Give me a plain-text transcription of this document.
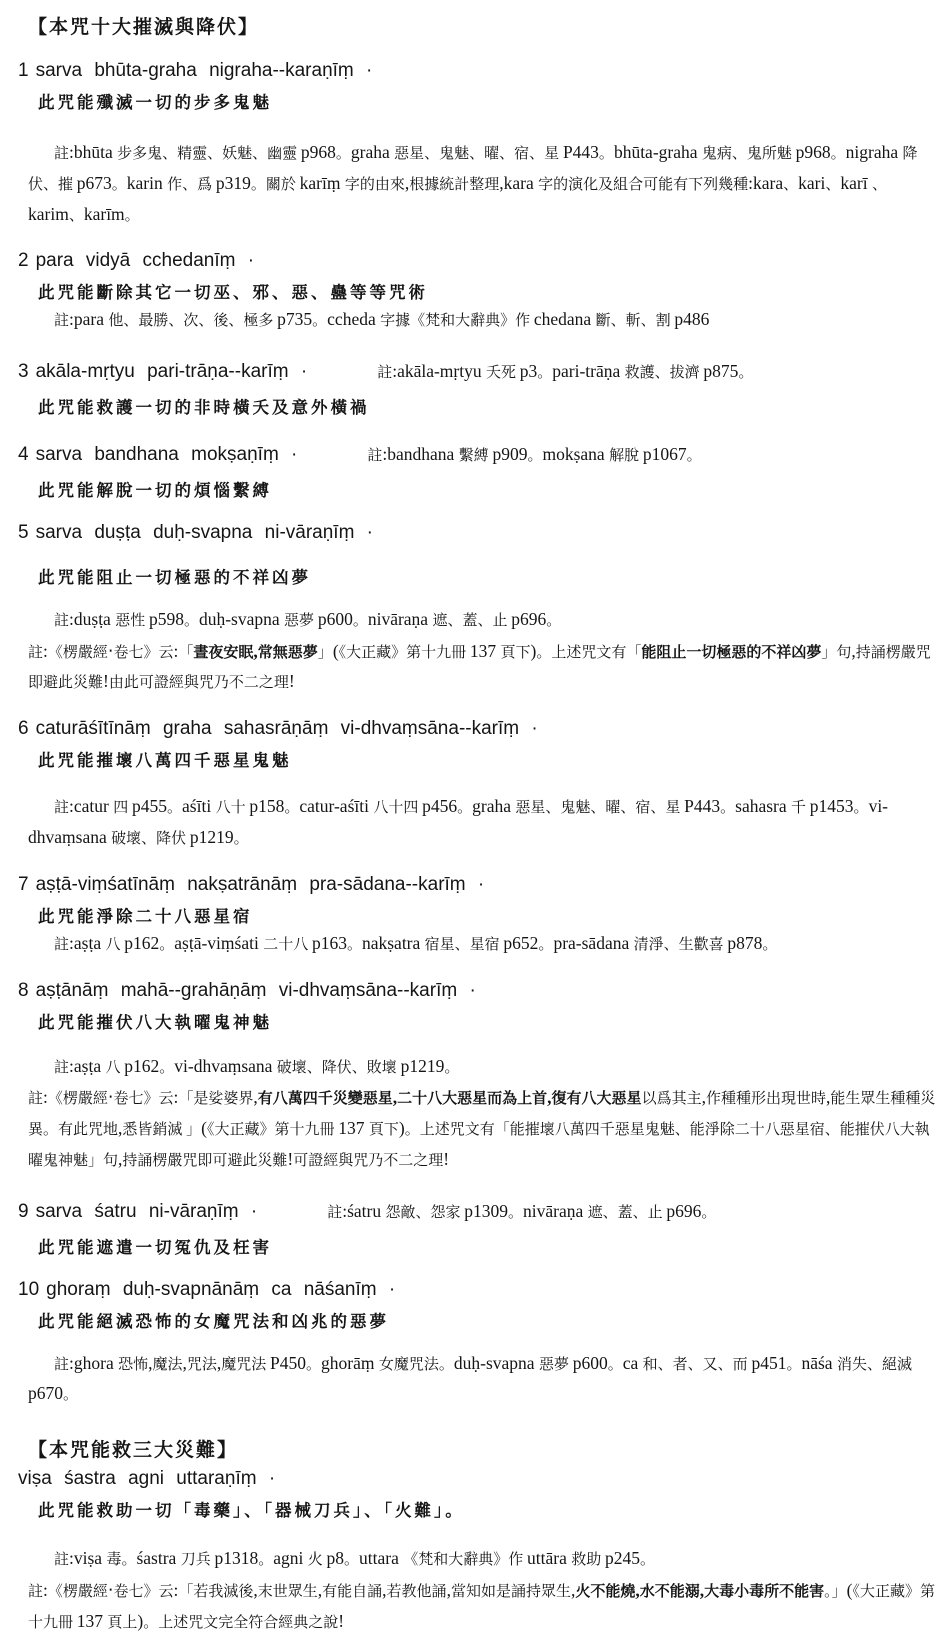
【本咒十大摧滅與降伏】
1 sarva bhūta-graha nigraha--karaṇīṃ ·
此咒能殲滅一切的步多鬼魅

註:bhūta 步多鬼、精靈、妖魅、幽靈 p968。graha 惡星、鬼魅、曜、宿、星 P443。bhūta-graha 鬼病、鬼所魅 p968。nigraha 降伏、摧 p673。karin 作、爲 p319。關於 karīṃ 字的由來,根據統計整理,kara 字的演化及組合可能有下列幾種:kara、kari、karī 、karim、karīm。

2 para vidyā cchedanīṃ ·
此咒能斷除其它一切巫、邪、惡、蠱等等咒術

註:para 他、最勝、次、後、極多 p735。ccheda 字據《梵和大辭典》作 chedana 斷、斬、割 p486

3 akāla-mṛtyu pari-trāṇa--karīṃ ·	註:akāla-mṛtyu 夭死 p3。pari-trāṇa 救護、拔濟 p875。
此咒能救護一切的非時橫夭及意外橫禍
4 sarva bandhana mokṣaṇīṃ ·	註:bandhana 繫縛 p909。mokṣana 解脫 p1067。
此咒能解脫一切的煩惱繫縛
5 sarva duṣṭa duḥ-svapna ni-vāraṇīṃ ·
此咒能阻止一切極惡的不祥凶夢

註:duṣṭa 惡性 p598。duḥ-svapna 惡夢 p600。nivāraṇa 遮、蓋、止 p696。

註:《楞嚴經‧卷七》云:「晝夜安眠,常無惡夢」(《大正藏》第十九冊 137 頁下)。上述咒文有「能阻止一切極惡的不祥凶夢」句,持誦楞嚴咒即避此災難!由此可證經與咒乃不二之理!

6 caturāśītīnāṃ graha sahasrāṇāṃ vi-dhvaṃsāna--karīṃ ·
此咒能摧壞八萬四千惡星鬼魅

註:catur 四 p455。aśīti 八十 p158。catur-aśīti 八十四 p456。graha 惡星、鬼魅、曜、宿、星 P443。sahasra 千 p1453。vi-dhvaṃsana 破壞、降伏 p1219。

7 aṣṭā-viṃśatīnāṃ nakṣatrānāṃ pra-sādana--karīṃ ·
此咒能淨除二十八惡星宿

註:aṣṭa 八 p162。aṣṭā-viṃśati 二十八 p163。nakṣatra 宿星、星宿 p652。pra-sādana 清淨、生歡喜 p878。

8 aṣṭānāṃ mahā--grahāṇāṃ vi-dhvaṃsāna--karīṃ ·
此咒能摧伏八大執曜鬼神魅

註:aṣṭa 八 p162。vi-dhvaṃsana 破壞、降伏、敗壞 p1219。

註:《楞嚴經‧卷七》云:「是娑婆界,有八萬四千災變惡星,二十八大惡星而為上首,復有八大惡星以爲其主,作種種形出現世時,能生眾生種種災異。有此咒地,悉皆銷滅 」(《大正藏》第十九冊 137 頁下)。上述咒文有「能摧壞八萬四千惡星鬼魅、能淨除二十八惡星宿、能摧伏八大執曜鬼神魅」句,持誦楞嚴咒即可避此災難!可證經與咒乃不二之理!

9 sarva śatru ni-vāraṇīṃ ·	註:śatru 怨敵、怨家 p1309。nivāraṇa 遮、蓋、止 p696。
此咒能遮遣一切冤仇及枉害
10 ghoraṃ duḥ-svapnānāṃ ca nāśanīṃ ·
此咒能絕滅恐怖的女魔咒法和凶兆的惡夢

註:ghora 恐怖,魔法,咒法,魔咒法 P450。ghorāṃ 女魔咒法。duḥ-svapna 惡夢 p600。ca 和、者、又、而 p451。nāśa 消失、絕滅 p670。

【本咒能救三大災難】
viṣa śastra agni uttaraṇīṃ ·
此咒能救助一切「毒藥」、「器械刀兵」、「火難」。

註:viṣa 毒。śastra 刀兵 p1318。agni 火 p8。uttara 《梵和大辭典》作 uttāra 救助 p245。

註:《楞嚴經‧卷七》云:「若我滅後,末世眾生,有能自誦,若教他誦,當知如是誦持眾生,火不能燒,水不能溺,大毒小毒所不能害。」(《大正藏》第十九冊 137 頁上)。上述咒文完全符合經典之說!
